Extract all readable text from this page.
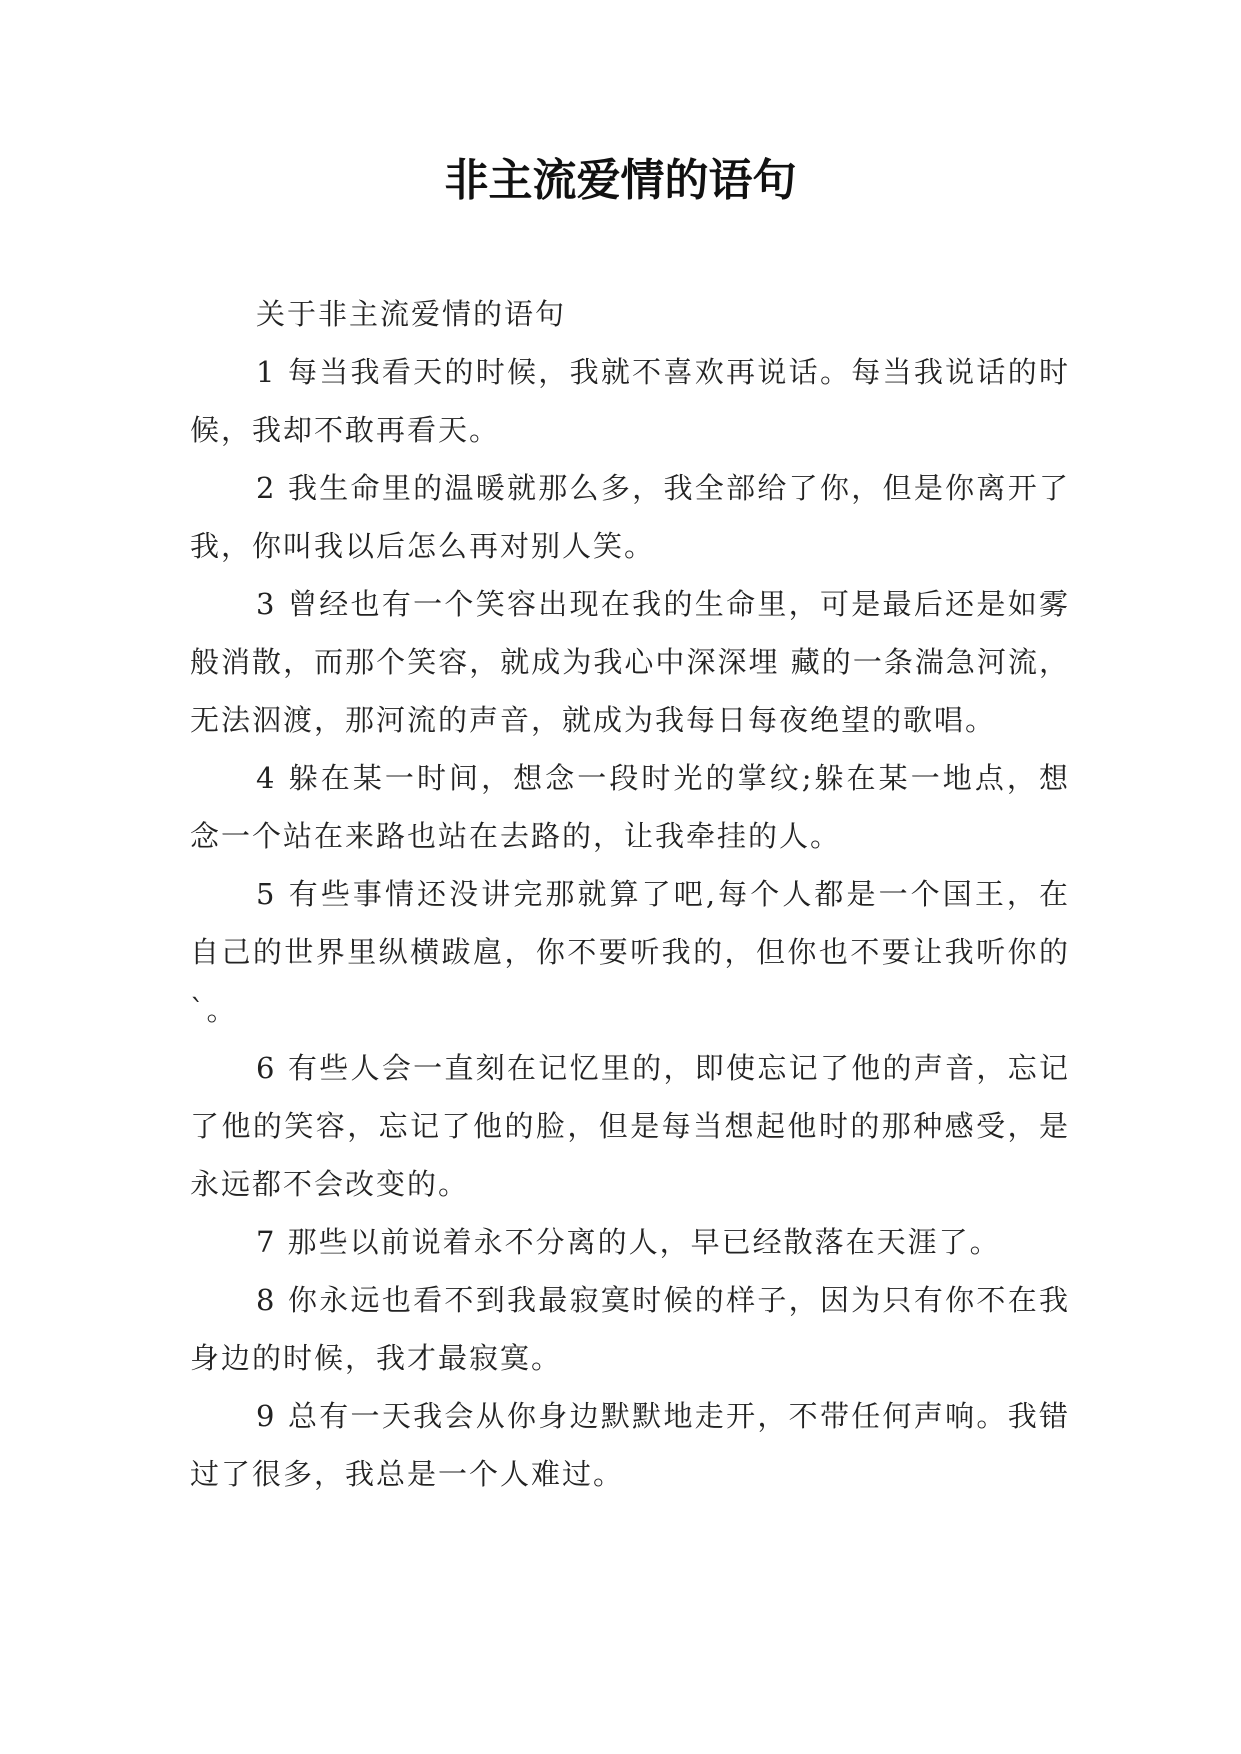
非主流爱情的语句

关于非主流爱情的语句

1 每当我看天的时候，我就不喜欢再说话。每当我说话的时候，我却不敢再看天。

2 我生命里的温暖就那么多，我全部给了你，但是你离开了我，你叫我以后怎么再对别人笑。

3 曾经也有一个笑容出现在我的生命里，可是最后还是如雾般消散，而那个笑容，就成为我心中深深埋 藏的一条湍急河流，无法泅渡，那河流的声音，就成为我每日每夜绝望的歌唱。

4 躲在某一时间，想念一段时光的掌纹;躲在某一地点，想念一个站在来路也站在去路的，让我牵挂的人。

5 有些事情还没讲完那就算了吧,每个人都是一个国王，在自己的世界里纵横跋扈，你不要听我的，但你也不要让我听你的`。

6 有些人会一直刻在记忆里的，即使忘记了他的声音，忘记了他的笑容，忘记了他的脸，但是每当想起他时的那种感受，是永远都不会改变的。

7 那些以前说着永不分离的人，早已经散落在天涯了。

8 你永远也看不到我最寂寞时候的样子，因为只有你不在我身边的时候，我才最寂寞。

9 总有一天我会从你身边默默地走开，不带任何声响。我错过了很多，我总是一个人难过。
